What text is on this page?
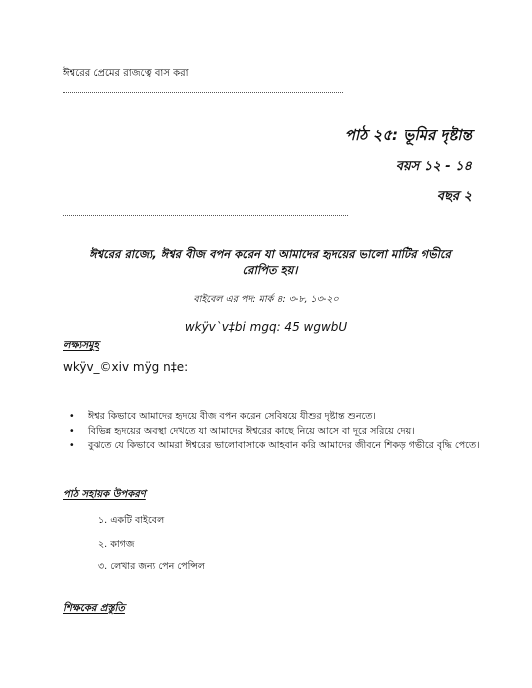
ঈশ্বরের প্রেমের রাজত্বে বাস করা
পাঠ ২৫: ভূমির দৃষ্টান্ত
বয়স ১২ - ১৪
বছর ২
ঈশ্বরের রাজ্যে, ঈশ্বর বীজ বপন করেন যা আমাদের হৃদয়ের ভালো মাটির গভীরে রোপিত হয়।
বাইবেল এর পদ: মার্ক ৪: ৩-৮, ১৩-২০
wkÿv`v‡bi mgq: 45 wgwbU
লক্ষ্যসমূহ
wkÿv_©xiv mÿg n‡e:
• ঈশ্বর কিভাবে আমাদের হৃদয়ে বীজ বপন করেন সেবিষয়ে যীশুর দৃষ্টান্ত শুনতে।
• বিভিন্ন হৃদয়ের অবস্থা দেখতে যা আমাদের ঈশ্বরের কাছে নিয়ে আসে বা দূরে সরিয়ে দেয়।
• বুঝতে যে কিভাবে আমরা ঈশ্বরের ভালোবাসাকে আহবান করি আমাদের জীবনে শিকড় গভীরে বৃদ্ধি পেতে।
পাঠ সহায়ক উপকরণ
১. একটি বাইবেল
২. কাগজ
৩. লেখার জন্য পেন পেন্সিল
শিক্ষকের প্রস্তুতি
